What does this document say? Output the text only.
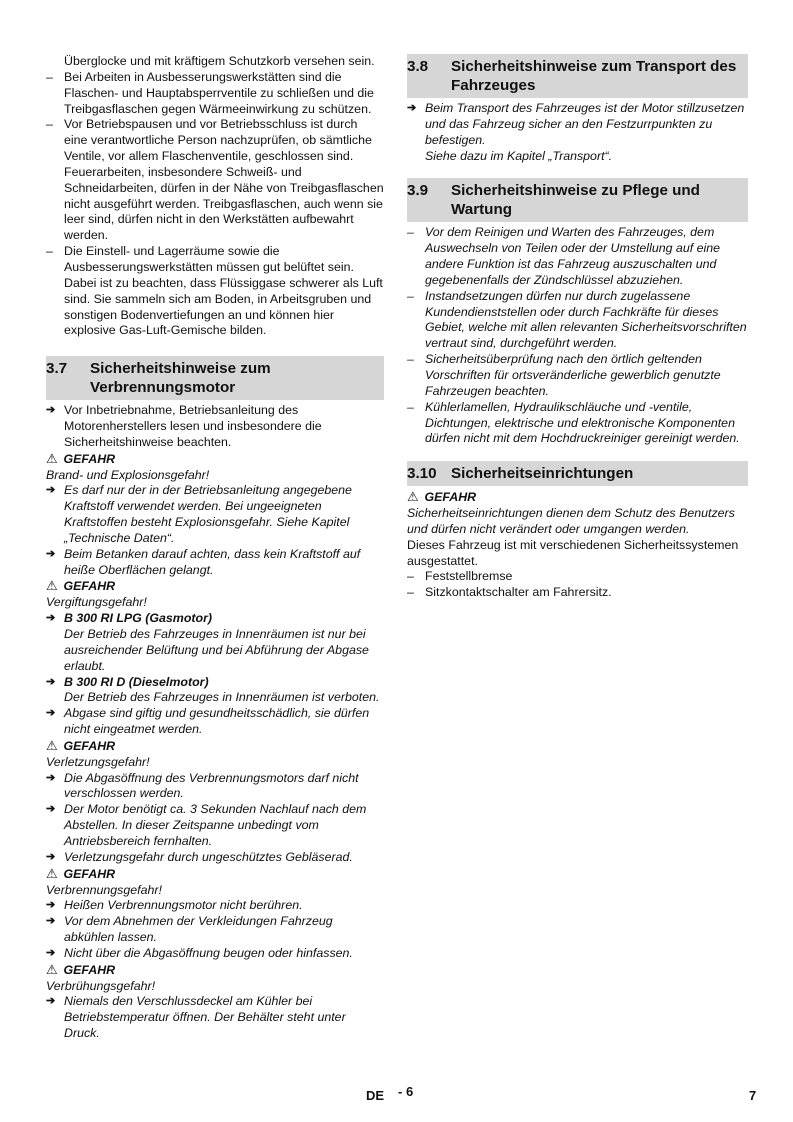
Überglocke und mit kräftigem Schutzkorb versehen sein.

– Bei Arbeiten in Ausbesserungswerkstätten sind die Flaschen- und Hauptabsperrventile zu schließen und die Treibgasflaschen gegen Wärmeeinwirkung zu schützen.

– Vor Betriebspausen und vor Betriebsschluss ist durch eine verantwortliche Person nachzuprüfen, ob sämtliche Ventile, vor allem Flaschenventile, geschlossen sind. Feuerarbeiten, insbesondere Schweiß- und Schneidarbeiten, dürfen in der Nähe von Treibgasflaschen nicht ausgeführt werden. Treibgasflaschen, auch wenn sie leer sind, dürfen nicht in den Werkstätten aufbewahrt werden.

– Die Einstell- und Lagerräume sowie die Ausbesserungswerkstätten müssen gut belüftet sein. Dabei ist zu beachten, dass Flüssiggase schwerer als Luft sind. Sie sammeln sich am Boden, in Arbeitsgruben und sonstigen Bodenvertiefungen an und können hier explosive Gas-Luft-Gemische bilden.

3.7	Sicherheitshinweise zum Verbrennungsmotor

➔ Vor Inbetriebnahme, Betriebsanleitung des Motorenherstellers lesen und insbesondere die Sicherheitshinweise beachten.

⚠ GEFAHR

Brand- und Explosionsgefahr!

➔ Es darf nur der in der Betriebsanleitung angegebene Kraftstoff verwendet werden. Bei ungeeigneten Kraftstoffen besteht Explosionsgefahr. Siehe Kapitel „Technische Daten“.

➔ Beim Betanken darauf achten, dass kein Kraftstoff auf heiße Oberflächen gelangt.

⚠ GEFAHR

Vergiftungsgefahr!

➔ B 300 RI LPG (Gasmotor)

Der Betrieb des Fahrzeuges in Innenräumen ist nur bei ausreichender Belüftung und bei Abführung der Abgase erlaubt.

➔ B 300 RI D (Dieselmotor)

Der Betrieb des Fahrzeuges in Innenräumen ist verboten.

➔ Abgase sind giftig und gesundheitsschädlich, sie dürfen nicht eingeatmet werden.

⚠ GEFAHR

Verletzungsgefahr!

➔ Die Abgasöffnung des Verbrennungsmotors darf nicht verschlossen werden.

➔ Der Motor benötigt ca. 3 Sekunden Nachlauf nach dem Abstellen. In dieser Zeitspanne unbedingt vom Antriebsbereich fernhalten.

➔ Verletzungsgefahr durch ungeschütztes Gebläserad.

⚠ GEFAHR

Verbrennungsgefahr!

➔ Heißen Verbrennungsmotor nicht berühren.

➔ Vor dem Abnehmen der Verkleidungen Fahrzeug abkühlen lassen.

➔ Nicht über die Abgasöffnung beugen oder hinfassen.

⚠ GEFAHR

Verbrühungsgefahr!

➔ Niemals den Verschlussdeckel am Kühler bei Betriebstemperatur öffnen. Der Behälter steht unter Druck.

3.8	Sicherheitshinweise zum Transport des Fahrzeuges

➔ Beim Transport des Fahrzeuges ist der Motor stillzusetzen und das Fahrzeug sicher an den Festzurrpunkten zu befestigen.

Siehe dazu im Kapitel „Transport“.

3.9	Sicherheitshinweise zu Pflege und Wartung

– Vor dem Reinigen und Warten des Fahrzeuges, dem Auswechseln von Teilen oder der Umstellung auf eine andere Funktion ist das Fahrzeug auszuschalten und gegebenenfalls der Zündschlüssel abzuziehen.

– Instandsetzungen dürfen nur durch zugelassene Kundendienststellen oder durch Fachkräfte für dieses Gebiet, welche mit allen relevanten Sicherheitsvorschriften vertraut sind, durchgeführt werden.

– Sicherheitsüberprüfung nach den örtlich geltenden Vorschriften für ortsveränderliche gewerblich genutzte Fahrzeugen beachten.

– Kühlerlamellen, Hydraulikschläuche und -ventile, Dichtungen, elektrische und elektronische Komponenten dürfen nicht mit dem Hochdruckreiniger gereinigt werden.

3.10 Sicherheitseinrichtungen

⚠ GEFAHR

Sicherheitseinrichtungen dienen dem Schutz des Benutzers und dürfen nicht verändert oder umgangen werden.

Dieses Fahrzeug ist mit verschiedenen Sicherheitssystemen ausgestattet.

– Feststellbremse

– Sitzkontaktschalter am Fahrersitz.

DE - 6	7
